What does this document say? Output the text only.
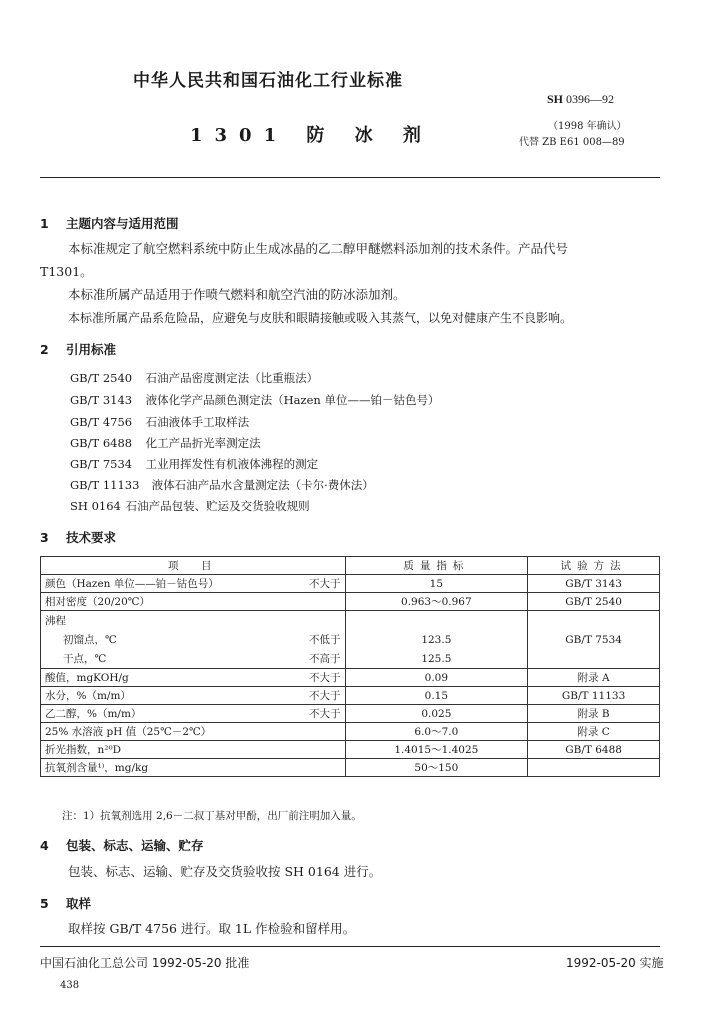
中华人民共和国石油化工行业标准
SH 0396—92
1301 防 冰 剂	（1998 年确认）
代替 ZB E61 008—89
1 主题内容与适用范围
本标准规定了航空燃料系统中防止生成冰晶的乙二醇甲醚燃料添加剂的技术条件。产品代号
T1301。
本标准所属产品适用于作喷气燃料和航空汽油的防冰添加剂。
本标准所属产品系危险品，应避免与皮肤和眼睛接触或吸入其蒸气，以免对健康产生不良影响。
2 引用标准
GB/T 2540 石油产品密度测定法（比重瓶法）
GB/T 3143 液体化学产品颜色测定法（Hazen 单位——铂－钴色号）
GB/T 4756 石油液体手工取样法
GB/T 6488 化工产品折光率测定法
GB/T 7534 工业用挥发性有机液体沸程的测定
GB/T 11133 液体石油产品水含量测定法（卡尔·费休法）
SH 0164 石油产品包装、贮运及交货验收规则
3 技术要求
项　目		质量指标	试验方法
颜色（Hazen 单位——铂－钴色号）	不大于	15	GB/T 3143
相对密度（20/20℃）		0.963～0.967	GB/T 2540
沸程			GB/T 7534
初馏点，℃	不低于	123.5	
干点，℃	不高于	125.5	
酸值，mgKOH/g	不大于	0.09	附录 A
水分，%（m/m）	不大于	0.15	GB/T 11133
乙二醇，%（m/m）	不大于	0.025	附录 B
25% 水溶液 pH 值（25℃－2℃）		6.0～7.0	附录 C
折光指数，n²⁰D		1.4015～1.4025	GB/T 6488
抗氧剂含量¹⁾，mg/kg		50～150	
注：1）抗氧剂选用 2,6－二叔丁基对甲酚，出厂前注明加入量。
4 包装、标志、运输、贮存
包装、标志、运输、贮存及交货验收按 SH 0164 进行。
5 取样
取样按 GB/T 4756 进行。取 1L 作检验和留样用。
中国石油化工总公司 1992-05-20 批准	1992-05-20 实施
438
